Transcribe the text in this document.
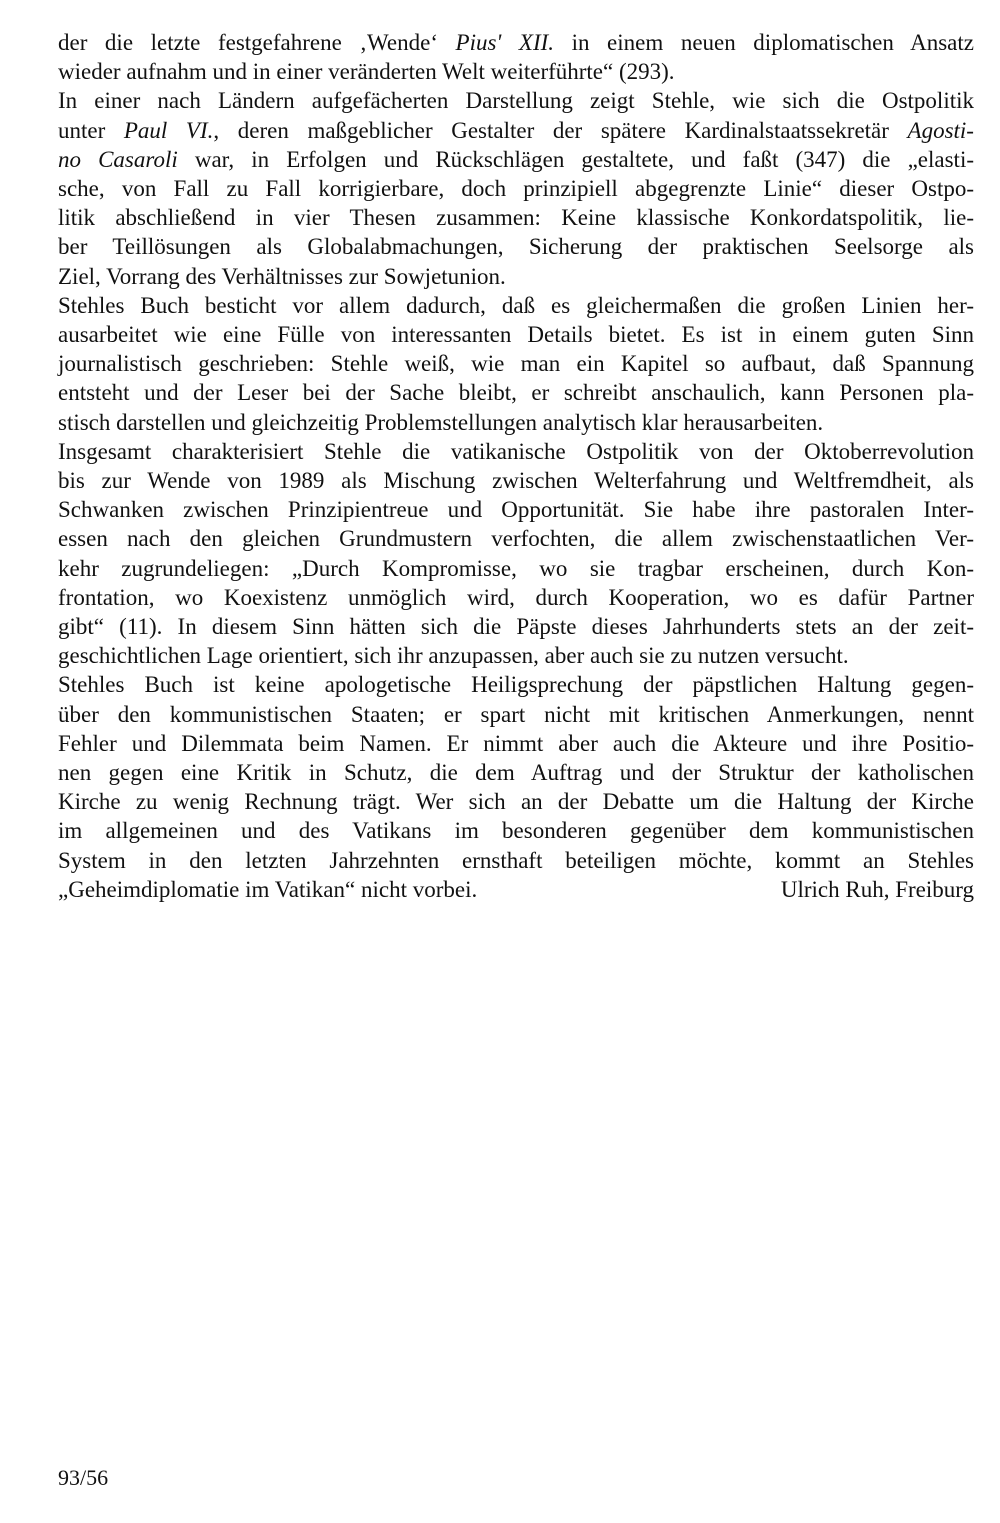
der die letzte festgefahrene ‚Wende‘ Pius' XII. in einem neuen diplomatischen Ansatz
wieder aufnahm und in einer veränderten Welt weiterführte“ (293).
In einer nach Ländern aufgefächerten Darstellung zeigt Stehle, wie sich die Ostpolitik
unter Paul VI., deren maßgeblicher Gestalter der spätere Kardinalstaatssekretär Agosti-
no Casaroli war, in Erfolgen und Rückschlägen gestaltete, und faßt (347) die „elasti-
sche, von Fall zu Fall korrigierbare, doch prinzipiell abgegrenzte Linie“ dieser Ostpo-
litik abschließend in vier Thesen zusammen: Keine klassische Konkordatspolitik, lie-
ber Teillösungen als Globalabmachungen, Sicherung der praktischen Seelsorge als
Ziel, Vorrang des Verhältnisses zur Sowjetunion.
Stehles Buch besticht vor allem dadurch, daß es gleichermaßen die großen Linien her-
ausarbeitet wie eine Fülle von interessanten Details bietet. Es ist in einem guten Sinn
journalistisch geschrieben: Stehle weiß, wie man ein Kapitel so aufbaut, daß Spannung
entsteht und der Leser bei der Sache bleibt, er schreibt anschaulich, kann Personen pla-
stisch darstellen und gleichzeitig Problemstellungen analytisch klar herausarbeiten.
Insgesamt charakterisiert Stehle die vatikanische Ostpolitik von der Oktoberrevolution
bis zur Wende von 1989 als Mischung zwischen Welterfahrung und Weltfremdheit, als
Schwanken zwischen Prinzipientreue und Opportunität. Sie habe ihre pastoralen Inter-
essen nach den gleichen Grundmustern verfochten, die allem zwischenstaatlichen Ver-
kehr zugrundeliegen: „Durch Kompromisse, wo sie tragbar erscheinen, durch Kon-
frontation, wo Koexistenz unmöglich wird, durch Kooperation, wo es dafür Partner
gibt“ (11). In diesem Sinn hätten sich die Päpste dieses Jahrhunderts stets an der zeit-
geschichtlichen Lage orientiert, sich ihr anzupassen, aber auch sie zu nutzen versucht.
Stehles Buch ist keine apologetische Heiligsprechung der päpstlichen Haltung gegen-
über den kommunistischen Staaten; er spart nicht mit kritischen Anmerkungen, nennt
Fehler und Dilemmata beim Namen. Er nimmt aber auch die Akteure und ihre Positio-
nen gegen eine Kritik in Schutz, die dem Auftrag und der Struktur der katholischen
Kirche zu wenig Rechnung trägt. Wer sich an der Debatte um die Haltung der Kirche
im allgemeinen und des Vatikans im besonderen gegenüber dem kommunistischen
System in den letzten Jahrzehnten ernsthaft beteiligen möchte, kommt an Stehles
„Geheimdiplomatie im Vatikan“ nicht vorbei.	Ulrich Ruh, Freiburg
93/56
